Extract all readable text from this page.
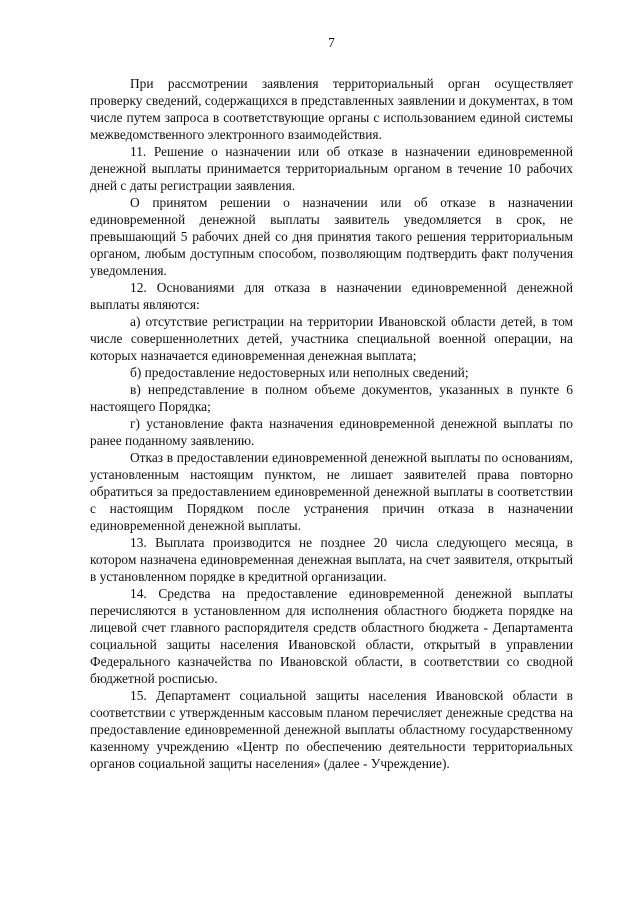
7

При рассмотрении заявления территориальный орган осуществляет проверку сведений, содержащихся в представленных заявлении и документах, в том числе путем запроса в соответствующие органы с использованием единой системы межведомственного электронного взаимодействия.

11. Решение о назначении или об отказе в назначении единовременной денежной выплаты принимается территориальным органом в течение 10 рабочих дней с даты регистрации заявления.

О принятом решении о назначении или об отказе в назначении единовременной денежной выплаты заявитель уведомляется в срок, не превышающий 5 рабочих дней со дня принятия такого решения территориальным органом, любым доступным способом, позволяющим подтвердить факт получения уведомления.

12. Основаниями для отказа в назначении единовременной денежной выплаты являются:

а) отсутствие регистрации на территории Ивановской области детей, в том числе совершеннолетних детей, участника специальной военной операции, на которых назначается единовременная денежная выплата;

б) предоставление недостоверных или неполных сведений;

в) непредставление в полном объеме документов, указанных в пункте 6 настоящего Порядка;

г) установление факта назначения единовременной денежной выплаты по ранее поданному заявлению.

Отказ в предоставлении единовременной денежной выплаты по основаниям, установленным настоящим пунктом, не лишает заявителей права повторно обратиться за предоставлением единовременной денежной выплаты в соответствии с настоящим Порядком после устранения причин отказа в назначении единовременной денежной выплаты.

13. Выплата производится не позднее 20 числа следующего месяца, в котором назначена единовременная денежная выплата, на счет заявителя, открытый в установленном порядке в кредитной организации.

14. Средства на предоставление единовременной денежной выплаты перечисляются в установленном для исполнения областного бюджета порядке на лицевой счет главного распорядителя средств областного бюджета - Департамента социальной защиты населения Ивановской области, открытый в управлении Федерального казначейства по Ивановской области, в соответствии со сводной бюджетной росписью.

15. Департамент социальной защиты населения Ивановской области в соответствии с утвержденным кассовым планом перечисляет денежные средства на предоставление единовременной денежной выплаты областному государственному казенному учреждению «Центр по обеспечению деятельности территориальных органов социальной защиты населения» (далее - Учреждение).
